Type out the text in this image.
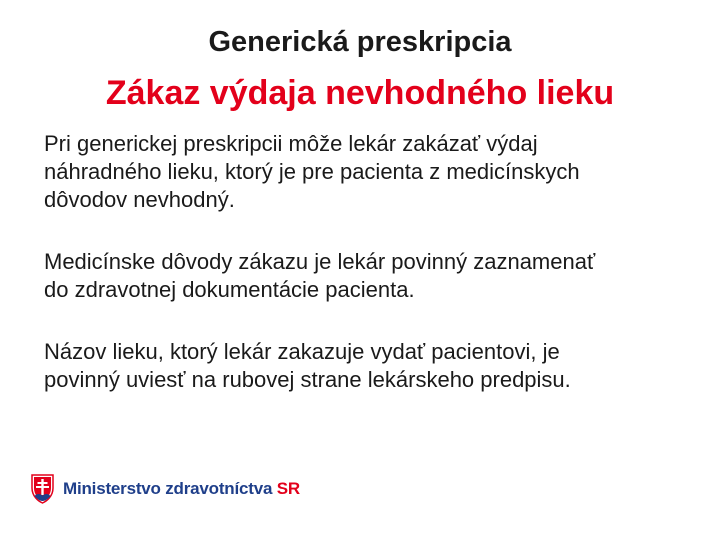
Generická preskripcia
Zákaz výdaja nevhodného lieku

Pri generickej preskripcii môže lekár zakázať výdaj
náhradného lieku, ktorý je pre pacienta z medicínskych
dôvodov nevhodný.

Medicínske dôvody zákazu je lekár povinný zaznamenať
do zdravotnej dokumentácie pacienta.

Názov lieku, ktorý lekár zakazuje vydať pacientovi, je
povinný uviesť na rubovej strane lekárskeho predpisu.

Ministerstvo zdravotníctva SR
